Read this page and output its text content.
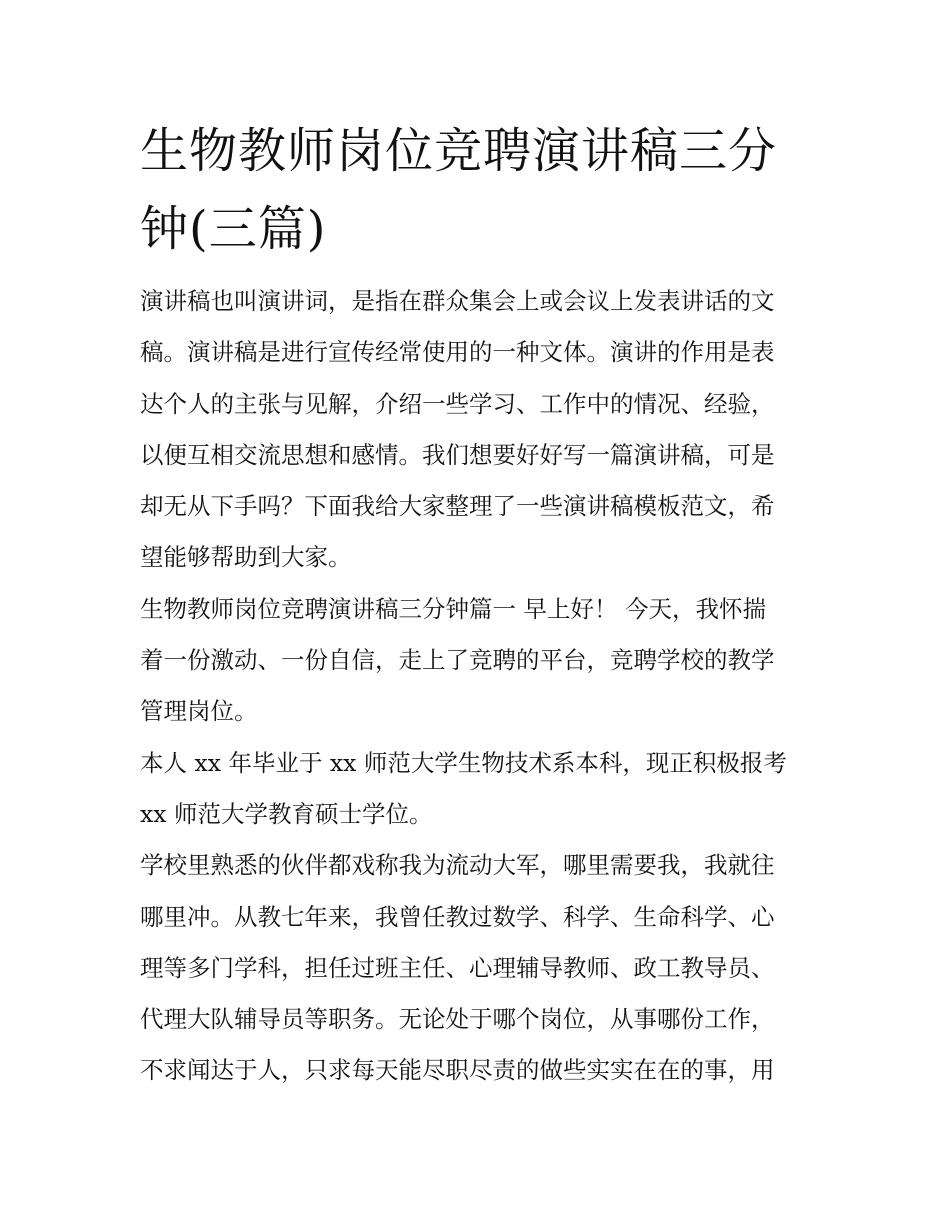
生物教师岗位竞聘演讲稿三分
钟(三篇)
演讲稿也叫演讲词，是指在群众集会上或会议上发表讲话的文
稿。演讲稿是进行宣传经常使用的一种文体。演讲的作用是表
达个人的主张与见解，介绍一些学习、工作中的情况、经验，
以便互相交流思想和感情。我们想要好好写一篇演讲稿，可是
却无从下手吗？下面我给大家整理了一些演讲稿模板范文，希
望能够帮助到大家。
生物教师岗位竞聘演讲稿三分钟篇一 早上好！ 今天，我怀揣
着一份激动、一份自信，走上了竞聘的平台，竞聘学校的教学
管理岗位。
本人 xx 年毕业于 xx 师范大学生物技术系本科，现正积极报考
xx 师范大学教育硕士学位。
学校里熟悉的伙伴都戏称我为流动大军，哪里需要我，我就往
哪里冲。从教七年来，我曾任教过数学、科学、生命科学、心
理等多门学科，担任过班主任、心理辅导教师、政工教导员、
代理大队辅导员等职务。无论处于哪个岗位，从事哪份工作，
不求闻达于人，只求每天能尽职尽责的做些实实在在的事，用
